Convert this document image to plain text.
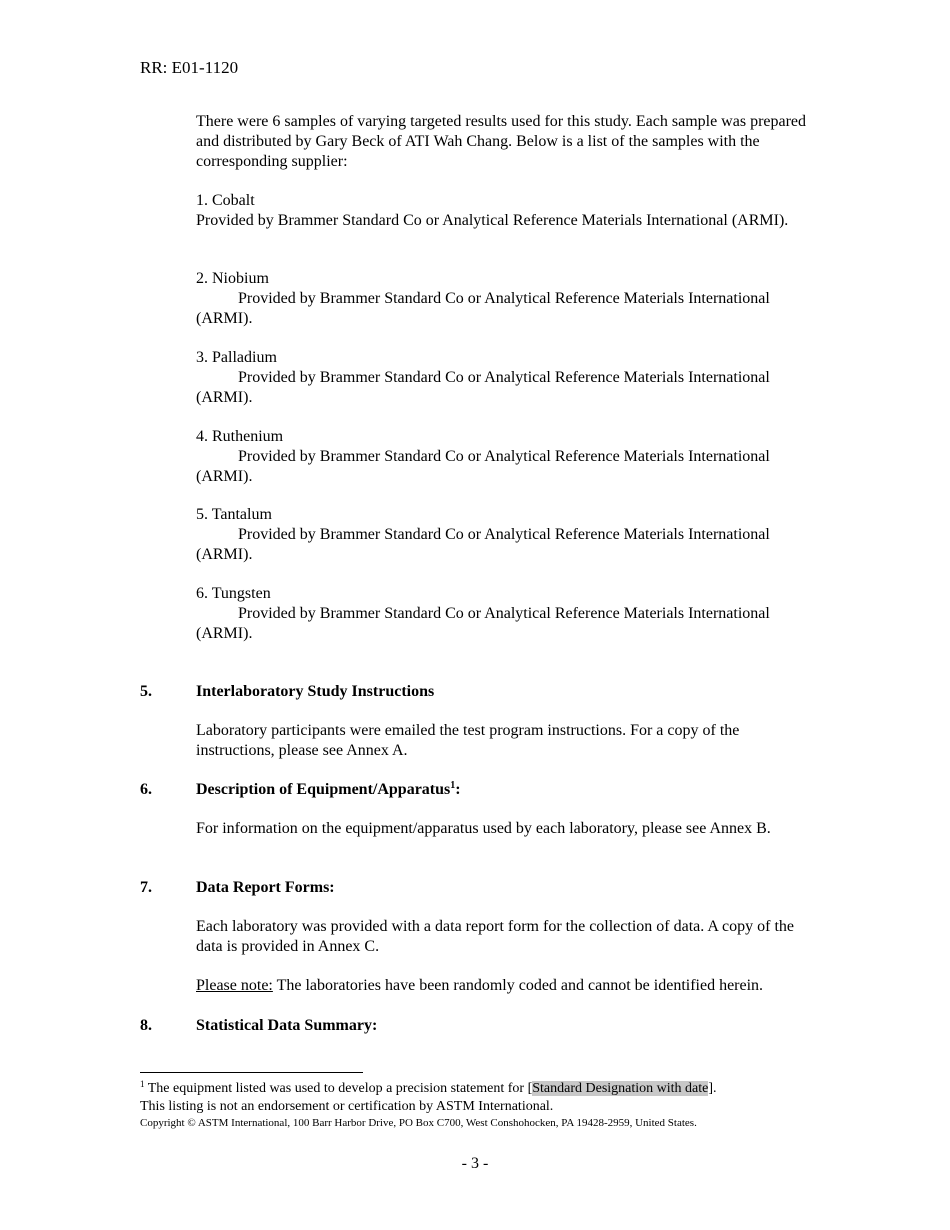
RR: E01-1120
There were 6 samples of varying targeted results used for this study. Each sample was prepared and distributed by Gary Beck of ATI Wah Chang. Below is a list of the samples with the corresponding supplier:
1. Cobalt
Provided by Brammer Standard Co or Analytical Reference Materials International (ARMI).
2. Niobium
Provided by Brammer Standard Co or Analytical Reference Materials International (ARMI).
3. Palladium
Provided by Brammer Standard Co or Analytical Reference Materials International (ARMI).
4. Ruthenium
Provided by Brammer Standard Co or Analytical Reference Materials International (ARMI).
5. Tantalum
Provided by Brammer Standard Co or Analytical Reference Materials International (ARMI).
6. Tungsten
Provided by Brammer Standard Co or Analytical Reference Materials International (ARMI).
5.	Interlaboratory Study Instructions
Laboratory participants were emailed the test program instructions. For a copy of the instructions, please see Annex A.
6.	Description of Equipment/Apparatus$^1$:
For information on the equipment/apparatus used by each laboratory, please see Annex B.
7.	Data Report Forms:
Each laboratory was provided with a data report form for the collection of data. A copy of the data is provided in Annex C.
Please note: The laboratories have been randomly coded and cannot be identified herein.
8.	Statistical Data Summary:
$^1$ The equipment listed was used to develop a precision statement for [Standard Designation with date].
This listing is not an endorsement or certification by ASTM International.
Copyright © ASTM International, 100 Barr Harbor Drive, PO Box C700, West Conshohocken, PA 19428-2959, United States.
- 3 -
